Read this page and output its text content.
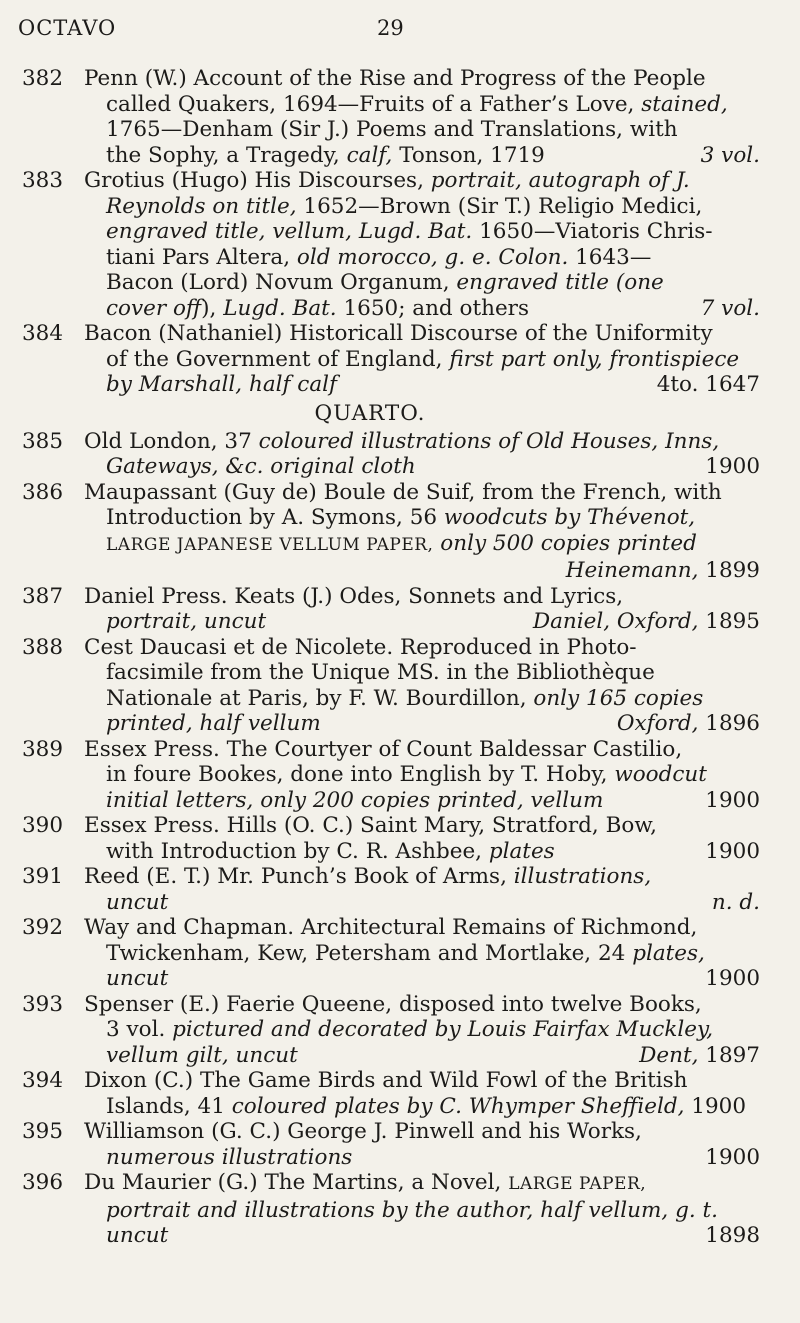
OCTAVO	29
382 Penn (W.) Account of the Rise and Progress of the People
called Quakers, 1694—Fruits of a Father’s Love, stained,
1765—Denham (Sir J.) Poems and Translations, with
the Sophy, a Tragedy, calf, Tonson, 1719	3 vol.
383 Grotius (Hugo) His Discourses, portrait, autograph of J.
Reynolds on title, 1652—Brown (Sir T.) Religio Medici,
engraved title, vellum, Lugd. Bat. 1650—Viatoris Chris-
tiani Pars Altera, old morocco, g. e. Colon. 1643—
Bacon (Lord) Novum Organum, engraved title (one
cover off), Lugd. Bat. 1650; and others	7 vol.
384 Bacon (Nathaniel) Historicall Discourse of the Uniformity
of the Government of England, first part only, frontispiece
by Marshall, half calf	4to. 1647
QUARTO.
385 Old London, 37 coloured illustrations of Old Houses, Inns,
Gateways, &c. original cloth	1900
386 Maupassant (Guy de) Boule de Suif, from the French, with
Introduction by A. Symons, 56 woodcuts by Thévenot,
LARGE JAPANESE VELLUM PAPER, only 500 copies printed
Heinemann, 1899
387 Daniel Press. Keats (J.) Odes, Sonnets and Lyrics,
portrait, uncut	Daniel, Oxford, 1895
388 Cest Daucasi et de Nicolete. Reproduced in Photo-
facsimile from the Unique MS. in the Bibliothèque
Nationale at Paris, by F. W. Bourdillon, only 165 copies
printed, half vellum	Oxford, 1896
389 Essex Press. The Courtyer of Count Baldessar Castilio,
in foure Bookes, done into English by T. Hoby, woodcut
initial letters, only 200 copies printed, vellum	1900
390 Essex Press. Hills (O. C.) Saint Mary, Stratford, Bow,
with Introduction by C. R. Ashbee, plates	1900
391 Reed (E. T.) Mr. Punch’s Book of Arms, illustrations,
uncut	n. d.
392 Way and Chapman. Architectural Remains of Richmond,
Twickenham, Kew, Petersham and Mortlake, 24 plates,
uncut	1900
393 Spenser (E.) Faerie Queene, disposed into twelve Books,
3 vol. pictured and decorated by Louis Fairfax Muckley,
vellum gilt, uncut	Dent, 1897
394 Dixon (C.) The Game Birds and Wild Fowl of the British
Islands, 41 coloured plates by C. Whymper Sheffield, 1900
395 Williamson (G. C.) George J. Pinwell and his Works,
numerous illustrations	1900
396 Du Maurier (G.) The Martins, a Novel, LARGE PAPER,
portrait and illustrations by the author, half vellum, g. t.
uncut	1898
